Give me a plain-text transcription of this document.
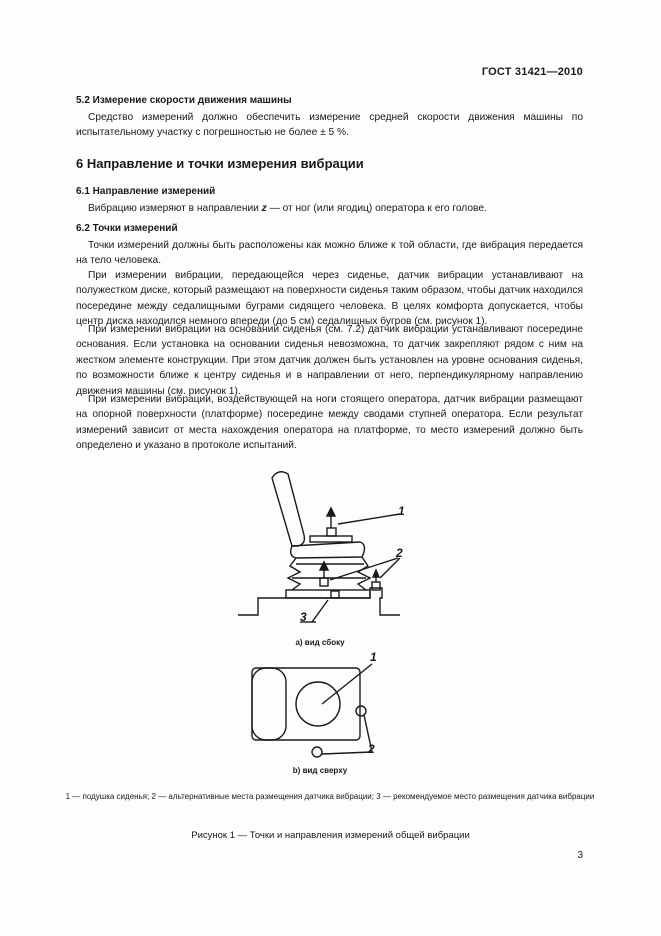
ГОСТ 31421—2010
5.2 Измерение скорости движения машины
Средство измерений должно обеспечить измерение средней скорости движения машины по испытательному участку с погрешностью не более ± 5 %.
6 Направление и точки измерения вибрации
6.1 Направление измерений
Вибрацию измеряют в направлении z — от ног (или ягодиц) оператора к его голове.
6.2 Точки измерений
Точки измерений должны быть расположены как можно ближе к той области, где вибрация передается на тело человека.
При измерении вибрации, передающейся через сиденье, датчик вибрации устанавливают на полужестком диске, который размещают на поверхности сиденья таким образом, чтобы датчик находился посередине между седалищными буграми сидящего человека. В целях комфорта допускается, чтобы центр диска находился немного впереди (до 5 см) седалищных бугров (см. рисунок 1).
При измерении вибрации на основании сиденья (см. 7.2) датчик вибрации устанавливают посередине основания. Если установка на основании сиденья невозможна, то датчик закрепляют рядом с ним на жестком элементе конструкции. При этом датчик должен быть установлен на уровне основания сиденья, по возможности ближе к центру сиденья и в направлении от него, перпендикулярному направлению движения машины (см. рисунок 1).
При измерении вибрации, воздействующей на ноги стоящего оператора, датчик вибрации размещают на опорной поверхности (платформе) посередине между сводами ступней оператора. Если результат измерений зависит от места нахождения оператора на платформе, то место измерений должно быть определено и указано в протоколе испытаний.
1
2
3
а) вид сбоку
1
2
b) вид сверху
1 — подушка сиденья; 2 — альтернативные места размещения датчика вибрации; 3 — рекомендуемое место размещения датчика вибрации
Рисунок 1 — Точки и направления измерений общей вибрации
3
